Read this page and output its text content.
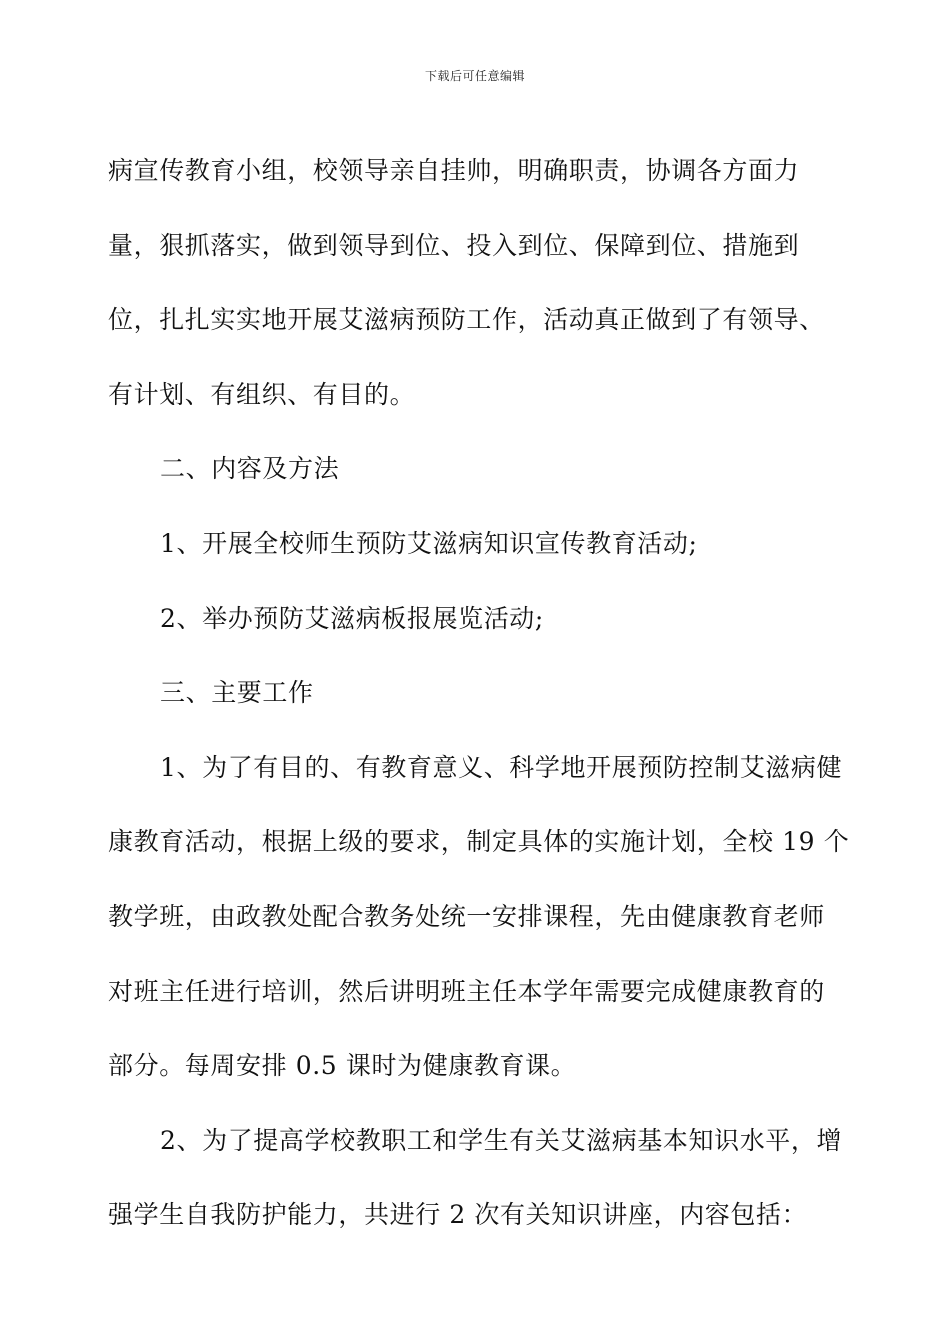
下载后可任意编辑
病宣传教育小组，校领导亲自挂帅，明确职责，协调各方面力
量，狠抓落实，做到领导到位、投入到位、保障到位、措施到
位，扎扎实实地开展艾滋病预防工作，活动真正做到了有领导、
有计划、有组织、有目的。
二、内容及方法
1、开展全校师生预防艾滋病知识宣传教育活动;
2、举办预防艾滋病板报展览活动;
三、主要工作
1、为了有目的、有教育意义、科学地开展预防控制艾滋病健
康教育活动，根据上级的要求，制定具体的实施计划，全校 19 个
教学班，由政教处配合教务处统一安排课程，先由健康教育老师
对班主任进行培训，然后讲明班主任本学年需要完成健康教育的
部分。每周安排 0.5 课时为健康教育课。
2、为了提高学校教职工和学生有关艾滋病基本知识水平，增
强学生自我防护能力，共进行 2 次有关知识讲座，内容包括：
